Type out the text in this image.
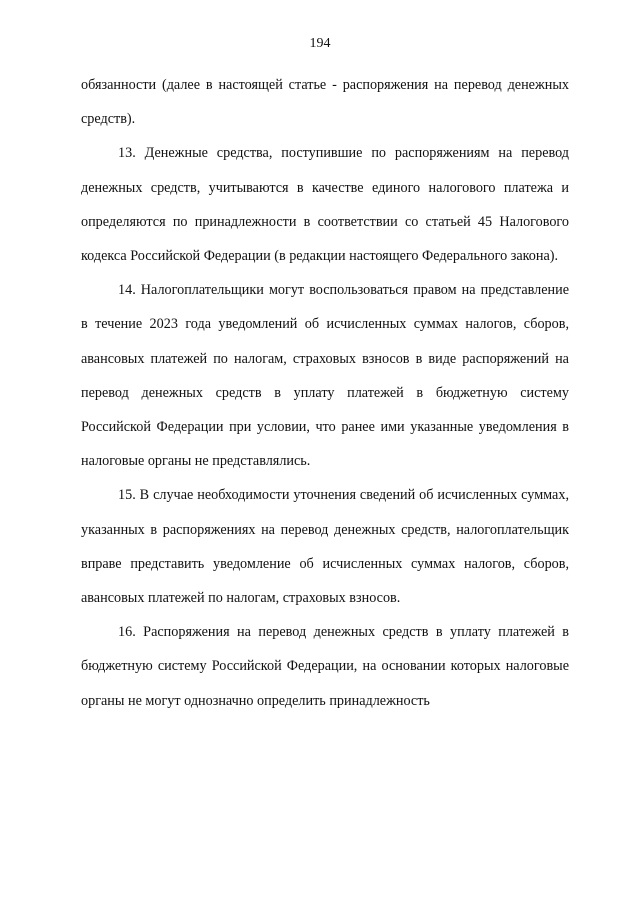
194

обязанности (далее в настоящей статье - распоряжения на перевод денежных средств).

13. Денежные средства, поступившие по распоряжениям на перевод денежных средств, учитываются в качестве единого налогового платежа и определяются по принадлежности в соответствии со статьей 45 Налогового кодекса Российской Федерации (в редакции настоящего Федерального закона).

14. Налогоплательщики могут воспользоваться правом на представление в течение 2023 года уведомлений об исчисленных суммах налогов, сборов, авансовых платежей по налогам, страховых взносов в виде распоряжений на перевод денежных средств в уплату платежей в бюджетную систему Российской Федерации при условии, что ранее ими указанные уведомления в налоговые органы не представлялись.

15. В случае необходимости уточнения сведений об исчисленных суммах, указанных в распоряжениях на перевод денежных средств, налогоплательщик вправе представить уведомление об исчисленных суммах налогов, сборов, авансовых платежей по налогам, страховых взносов.

16. Распоряжения на перевод денежных средств в уплату платежей в бюджетную систему Российской Федерации, на основании которых налоговые органы не могут однозначно определить принадлежность
